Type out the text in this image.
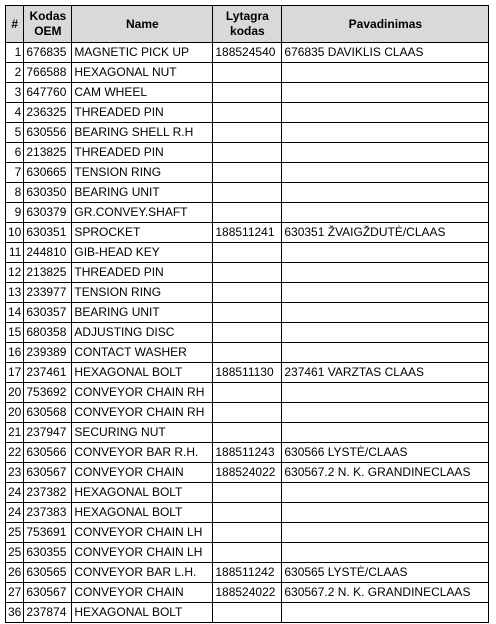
#	Kodas OEM	Name	Lytagra kodas	Pavadinimas
1	676835	MAGNETIC PICK UP	188524540	676835 DAVIKLIS CLAAS
2	766588	HEXAGONAL NUT		
3	647760	CAM WHEEL		
4	236325	THREADED PIN		
5	630556	BEARING SHELL R.H		
6	213825	THREADED PIN		
7	630665	TENSION RING		
8	630350	BEARING UNIT		
9	630379	GR.CONVEY.SHAFT		
10	630351	SPROCKET	188511241	630351 ŽVAIGŽDUTĖ/CLAAS
11	244810	GIB-HEAD KEY		
12	213825	THREADED PIN		
13	233977	TENSION RING		
14	630357	BEARING UNIT		
15	680358	ADJUSTING DISC		
16	239389	CONTACT WASHER		
17	237461	HEXAGONAL BOLT	188511130	237461 VARZTAS CLAAS
20	753692	CONVEYOR CHAIN RH		
20	630568	CONVEYOR CHAIN RH		
21	237947	SECURING NUT		
22	630566	CONVEYOR BAR R.H.	188511243	630566 LYSTĖ/CLAAS
23	630567	CONVEYOR CHAIN	188524022	630567.2 N. K. GRANDINECLAAS
24	237382	HEXAGONAL BOLT		
24	237383	HEXAGONAL BOLT		
25	753691	CONVEYOR CHAIN LH		
25	630355	CONVEYOR CHAIN LH		
26	630565	CONVEYOR BAR L.H.	188511242	630565 LYSTĖ/CLAAS
27	630567	CONVEYOR CHAIN	188524022	630567.2 N. K. GRANDINECLAAS
36	237874	HEXAGONAL BOLT		
